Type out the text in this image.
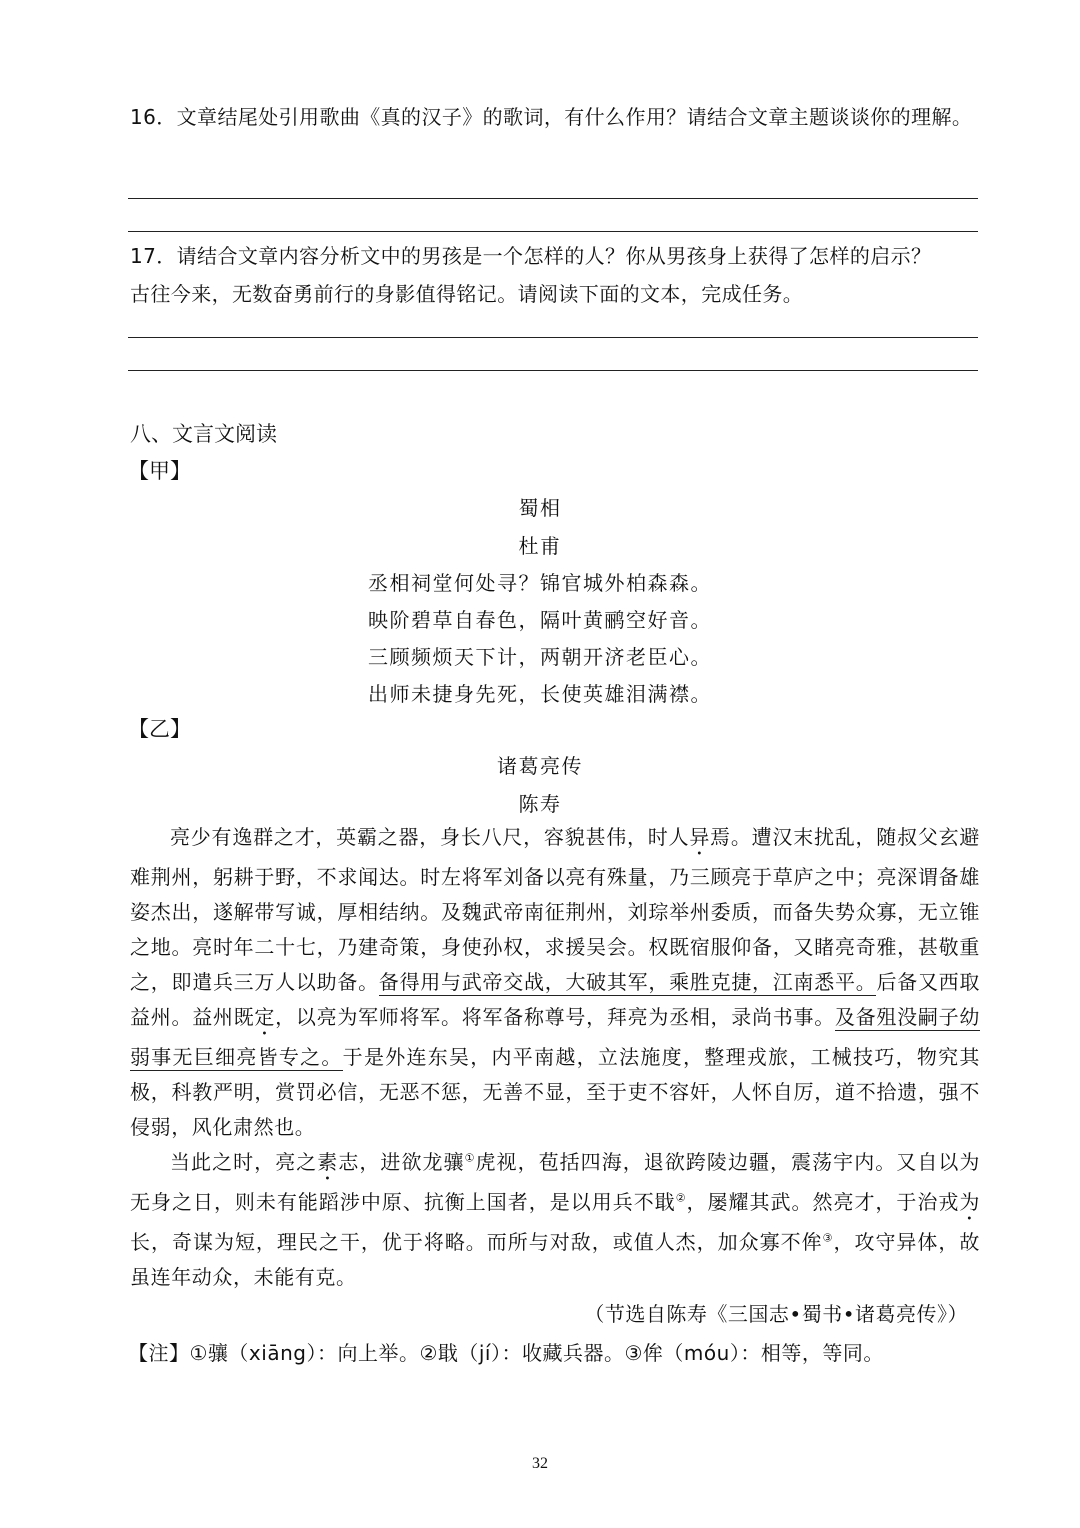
16．文章结尾处引用歌曲《真的汉子》的歌词，有什么作用？请结合文章主题谈谈你的理解。
17．请结合文章内容分析文中的男孩是一个怎样的人？你从男孩身上获得了怎样的启示？
古往今来，无数奋勇前行的身影值得铭记。请阅读下面的文本，完成任务。
八、文言文阅读
【甲】
蜀相
杜甫
丞相祠堂何处寻？锦官城外柏森森。
映阶碧草自春色，隔叶黄鹂空好音。
三顾频烦天下计，两朝开济老臣心。
出师未捷身先死，长使英雄泪满襟。
【乙】
诸葛亮传
陈寿

亮少有逸群之才，英霸之器，身长八尺，容貌甚伟，时人异焉。遭汉末扰乱，随叔父玄避难荆州，躬耕于野，不求闻达。时左将军刘备以亮有殊量，乃三顾亮于草庐之中；亮深谓备雄姿杰出，遂解带写诚，厚相结纳。及魏武帝南征荆州，刘琮举州委质，而备失势众寡，无立锥之地。亮时年二十七，乃建奇策，身使孙权，求援吴会。权既宿服仰备，又睹亮奇雅，甚敬重之，即遣兵三万人以助备。备得用与武帝交战，大破其军，乘胜克捷，江南悉平。后备又西取益州。益州既定，以亮为军师将军。将军备称尊号，拜亮为丞相，录尚书事。及备殂没嗣子幼弱事无巨细亮皆专之。于是外连东吴，内平南越，立法施度，整理戎旅，工械技巧，物究其极，科教严明，赏罚必信，无恶不惩，无善不显，至于吏不容奸，人怀自厉，道不拾遗，强不侵弱，风化肃然也。

当此之时，亮之素志，进欲龙骧①虎视，苞括四海，退欲跨陵边疆，震荡宇内。又自以为无身之日，则未有能蹈涉中原、抗衡上国者，是以用兵不戢②，屡耀其武。然亮才，于治戎为长，奇谋为短，理民之干，优于将略。而所与对敌，或值人杰，加众寡不侔③，攻守异体，故虽连年动众，未能有克。

（节选自陈寿《三国志•蜀书•诸葛亮传》）
【注】①骧（xiāng）：向上举。②戢（jí）：收藏兵器。③侔（móu）：相等，等同。
32
